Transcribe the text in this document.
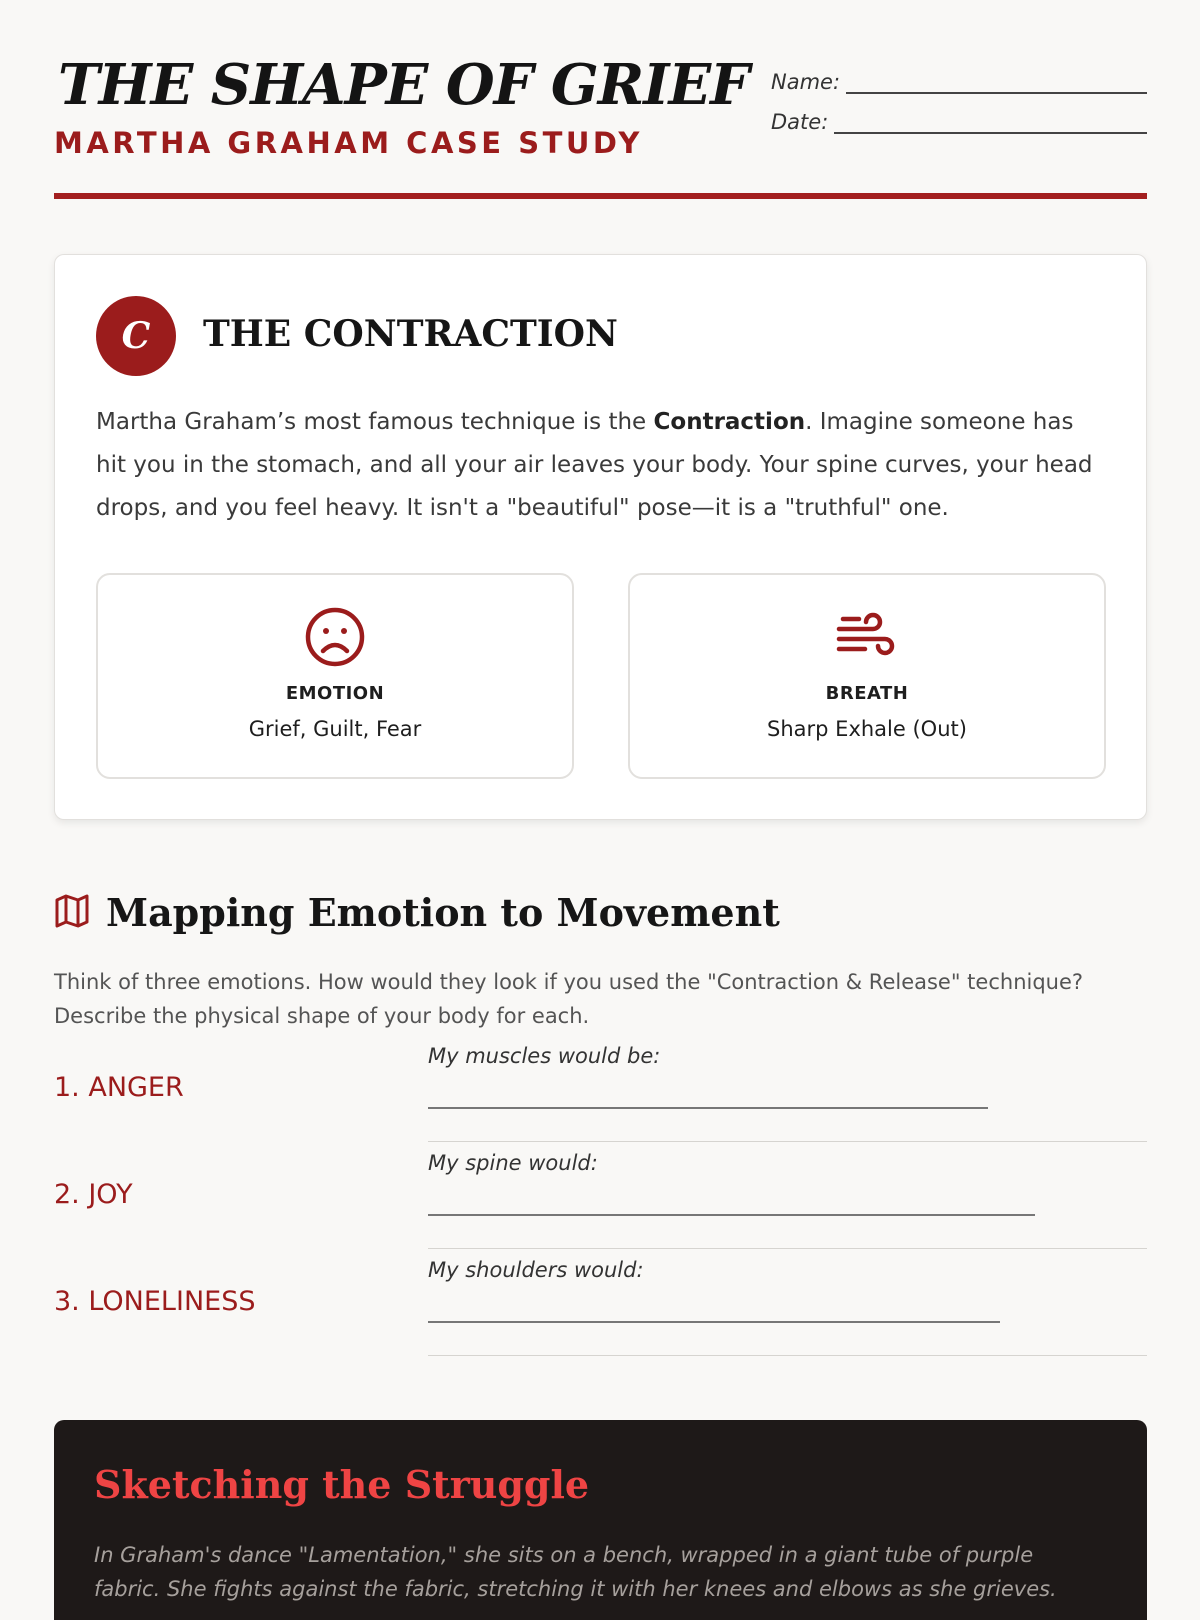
THE SHAPE OF GRIEF
MARTHA GRAHAM CASE STUDY
Name:
Date:
C	THE CONTRACTION
Martha Graham’s most famous technique is the Contraction. Imagine someone has hit you in the stomach, and all your air leaves your body. Your spine curves, your head drops, and you feel heavy. It isn't a "beautiful" pose—it is a "truthful" one.
EMOTION
Grief, Guilt, Fear
BREATH
Sharp Exhale (Out)
Mapping Emotion to Movement
Think of three emotions. How would they look if you used the "Contraction & Release" technique? Describe the physical shape of your body for each.
1. ANGER
My muscles would be:
2. JOY
My spine would:
3. LONELINESS
My shoulders would:
Sketching the Struggle
In Graham's dance "Lamentation," she sits on a bench, wrapped in a giant tube of purple fabric. She fights against the fabric, stretching it with her knees and elbows as she grieves.
